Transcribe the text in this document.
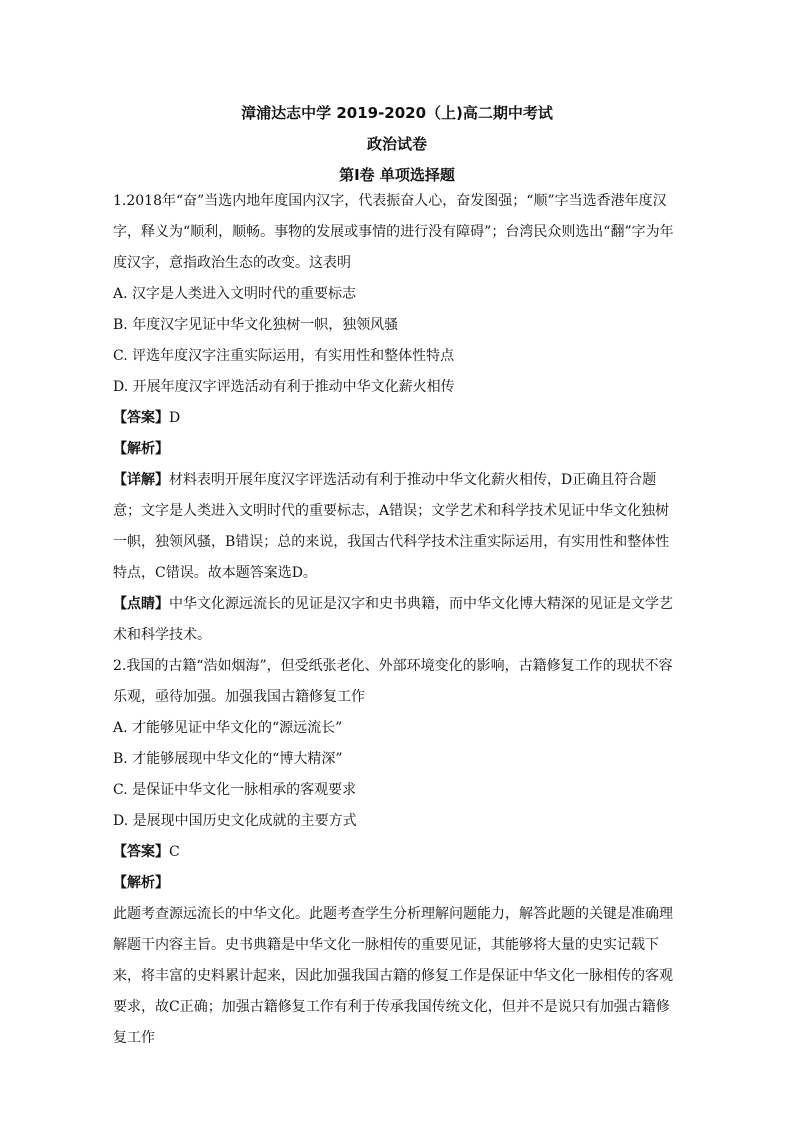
漳浦达志中学 2019-2020（上)高二期中考试
政治试卷
第Ⅰ卷 单项选择题

1.2018年“奋”当选内地年度国内汉字，代表振奋人心，奋发图强；“顺”字当选香港年度汉字，释义为“顺利，顺畅。事物的发展或事情的进行没有障碍”；台湾民众则选出“翻”字为年度汉字，意指政治生态的改变。这表明

A. 汉字是人类进入文明时代的重要标志

B. 年度汉字见证中华文化独树一帜，独领风骚

C. 评选年度汉字注重实际运用，有实用性和整体性特点

D. 开展年度汉字评选活动有利于推动中华文化薪火相传

【答案】D

【解析】

【详解】材料表明开展年度汉字评选活动有利于推动中华文化薪火相传，D正确且符合题意；文字是人类进入文明时代的重要标志，A错误；文学艺术和科学技术见证中华文化独树一帜，独领风骚，B错误；总的来说，我国古代科学技术注重实际运用，有实用性和整体性特点，C错误。故本题答案选D。

【点睛】中华文化源远流长的见证是汉字和史书典籍，而中华文化博大精深的见证是文学艺术和科学技术。

2.我国的古籍“浩如烟海”，但受纸张老化、外部环境变化的影响，古籍修复工作的现状不容乐观，亟待加强。加强我国古籍修复工作

A. 才能够见证中华文化的“源远流长”

B. 才能够展现中华文化的“博大精深”

C. 是保证中华文化一脉相承的客观要求

D. 是展现中国历史文化成就的主要方式

【答案】C

【解析】

此题考查源远流长的中华文化。此题考查学生分析理解问题能力，解答此题的关键是准确理解题干内容主旨。史书典籍是中华文化一脉相传的重要见证，其能够将大量的史实记载下来，将丰富的史料累计起来，因此加强我国古籍的修复工作是保证中华文化一脉相传的客观要求，故C正确；加强古籍修复工作有利于传承我国传统文化，但并不是说只有加强古籍修复工作
